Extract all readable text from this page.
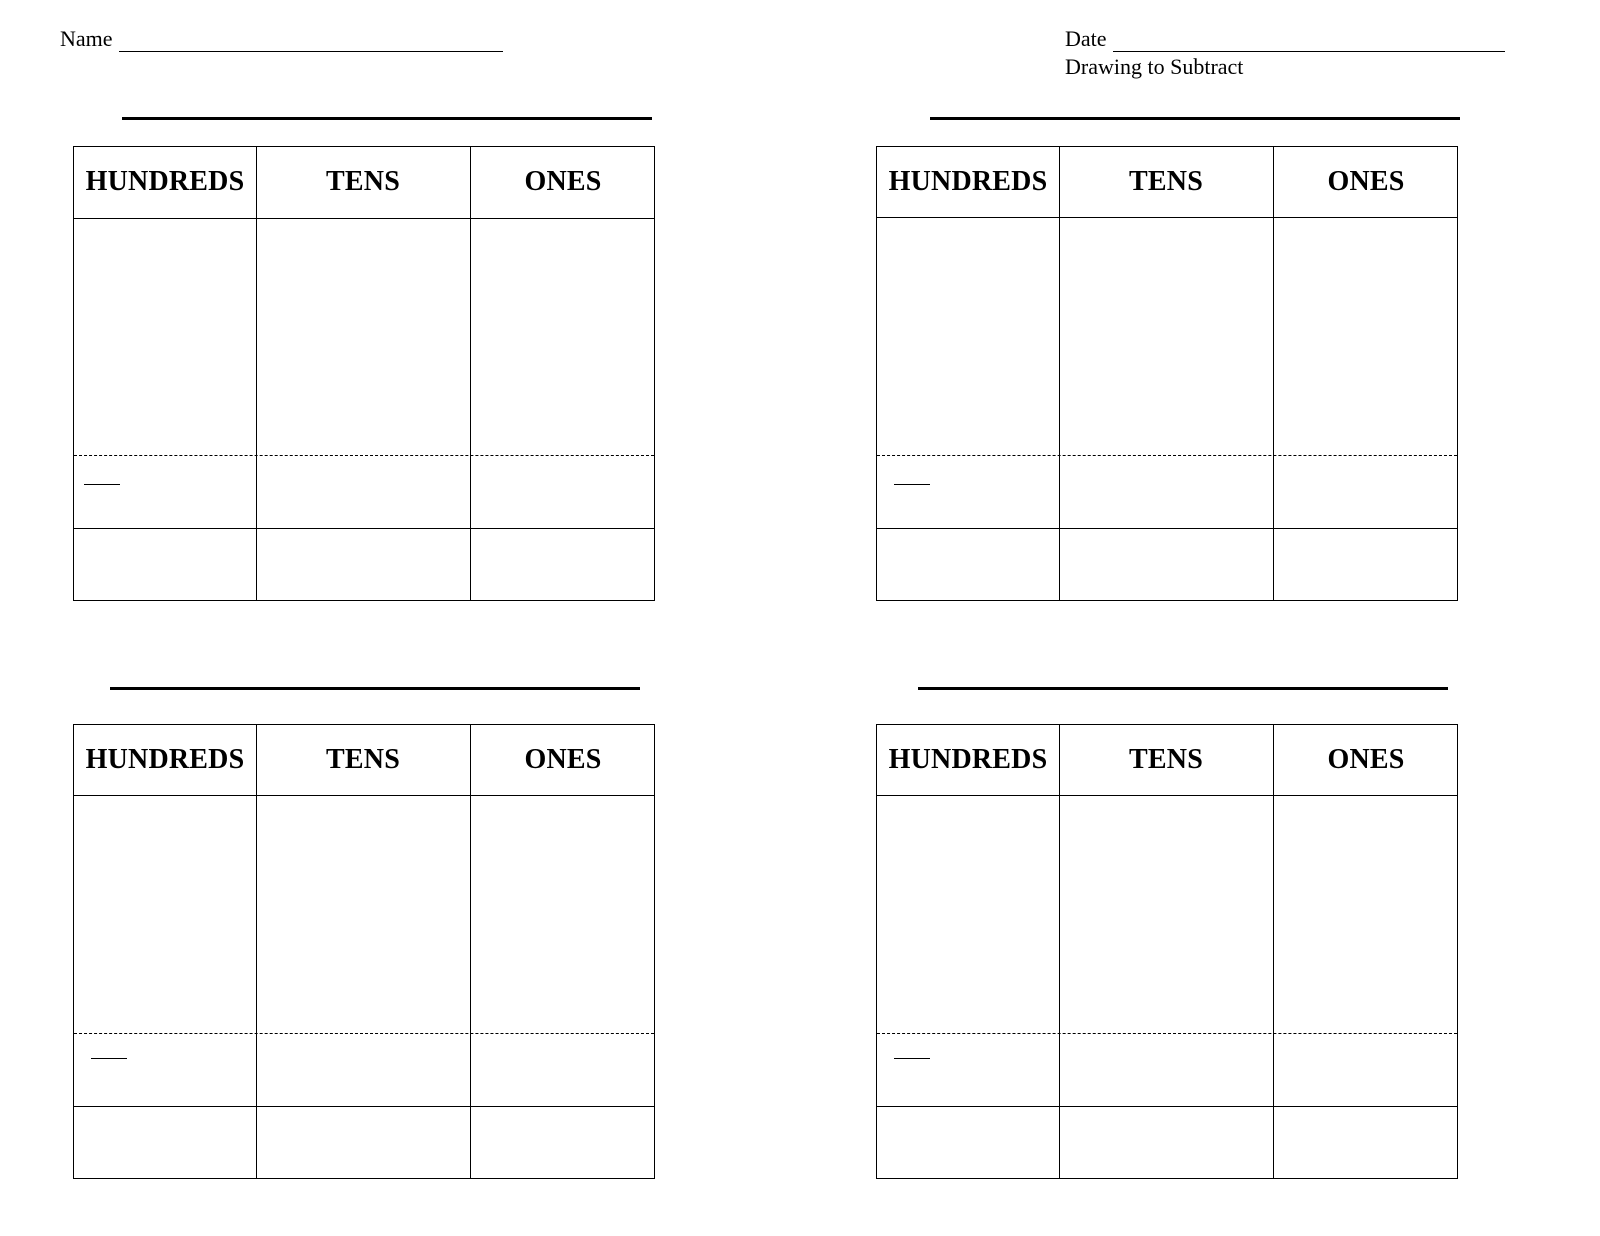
Name	Date
Drawing to Subtract
HUNDREDS	TENS	ONES	HUNDREDS	TENS	ONES
HUNDREDS	TENS	ONES	HUNDREDS	TENS	ONES
